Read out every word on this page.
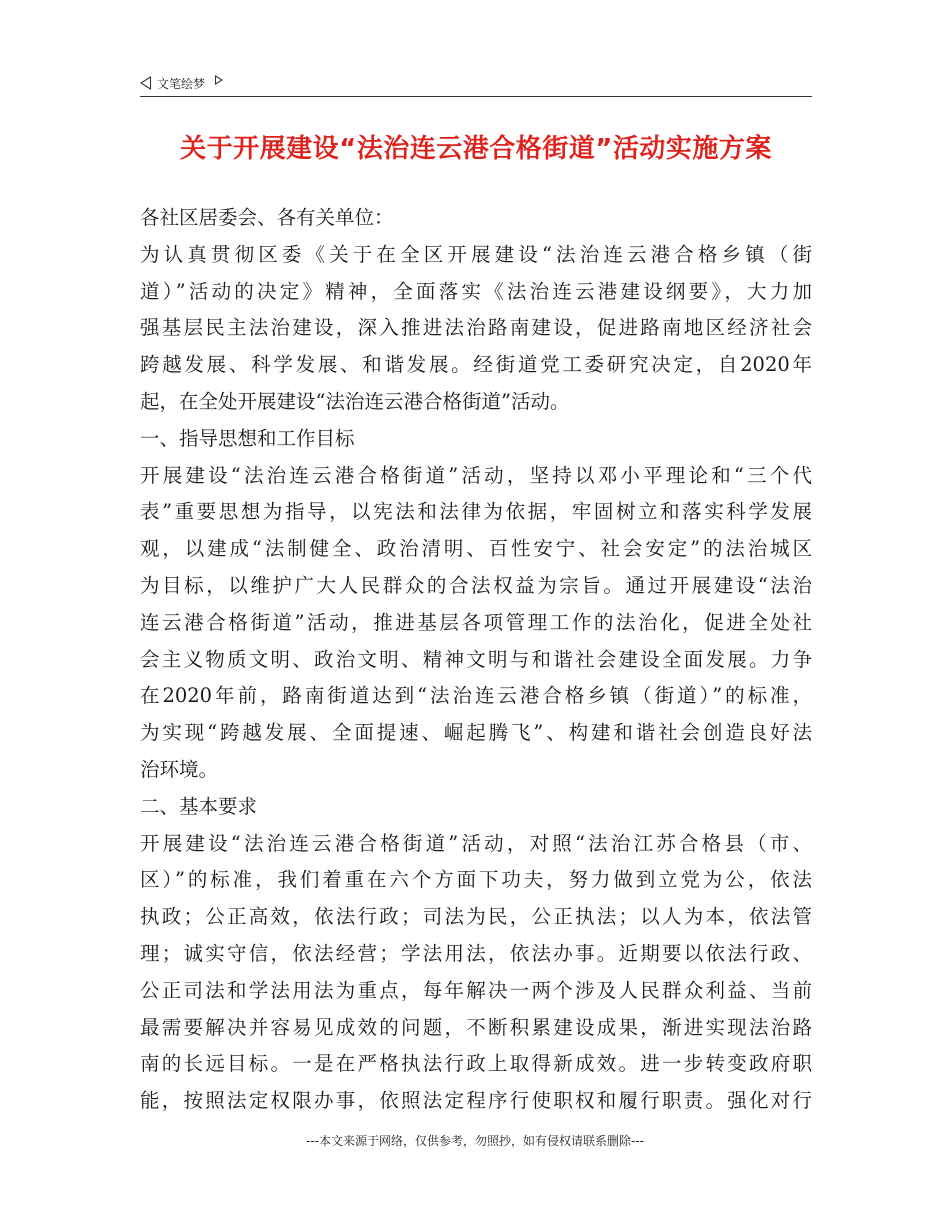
文笔绘梦
关于开展建设“法治连云港合格街道”活动实施方案
各社区居委会、各有关单位：
为认真贯彻区委《关于在全区开展建设“法治连云港合格乡镇（街
道）”活动的决定》精神，全面落实《法治连云港建设纲要》，大力加
强基层民主法治建设，深入推进法治路南建设，促进路南地区经济社会
跨越发展、科学发展、和谐发展。经街道党工委研究决定，自2020年
起，在全处开展建设“法治连云港合格街道”活动。
一、指导思想和工作目标
开展建设“法治连云港合格街道”活动，坚持以邓小平理论和“三个代
表”重要思想为指导，以宪法和法律为依据，牢固树立和落实科学发展
观，以建成“法制健全、政治清明、百性安宁、社会安定”的法治城区
为目标，以维护广大人民群众的合法权益为宗旨。通过开展建设“法治
连云港合格街道”活动，推进基层各项管理工作的法治化，促进全处社
会主义物质文明、政治文明、精神文明与和谐社会建设全面发展。力争
在2020年前，路南街道达到“法治连云港合格乡镇（街道）”的标准，
为实现“跨越发展、全面提速、崛起腾飞”、构建和谐社会创造良好法
治环境。
二、基本要求
开展建设“法治连云港合格街道”活动，对照“法治江苏合格县（市、
区）”的标准，我们着重在六个方面下功夫，努力做到立党为公，依法
执政；公正高效，依法行政；司法为民，公正执法；以人为本，依法管
理；诚实守信，依法经营；学法用法，依法办事。近期要以依法行政、
公正司法和学法用法为重点，每年解决一两个涉及人民群众利益、当前
最需要解决并容易见成效的问题，不断积累建设成果，渐进实现法治路
南的长远目标。一是在严格执法行政上取得新成效。进一步转变政府职
能，按照法定权限办事，依照法定程序行使职权和履行职责。强化对行
---本文来源于网络，仅供参考，勿照抄，如有侵权请联系删除---
